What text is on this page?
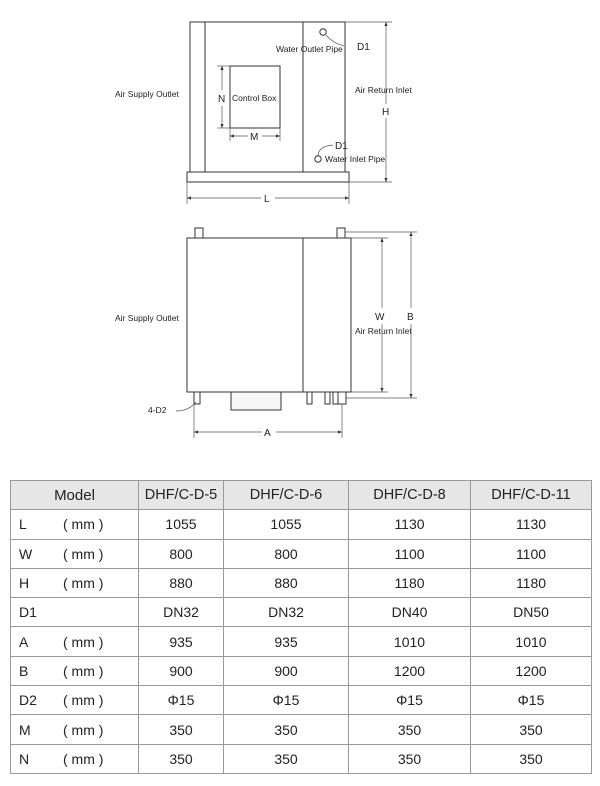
N Control Box
M
Water Outlet Pipe D1
D1
Water Inlet Pipe
Air Supply Outlet	Air Return Inlet
H
L
Air Supply Outlet	W B
Air Return Inlet
4-D2
A
Model	DHF/C-D-5	DHF/C-D-6	DHF/C-D-8	DHF/C-D-11
L ( mm )	1055	1055	1130	1130
W ( mm )	800	800	1100	1100
H ( mm )	880	880	1180	1180
D1	DN32	DN32	DN40	DN50
A ( mm )	935	935	1010	1010
B ( mm )	900	900	1200	1200
D2 ( mm )	Φ15	Φ15	Φ15	Φ15
M ( mm )	350	350	350	350
N ( mm )	350	350	350	350
